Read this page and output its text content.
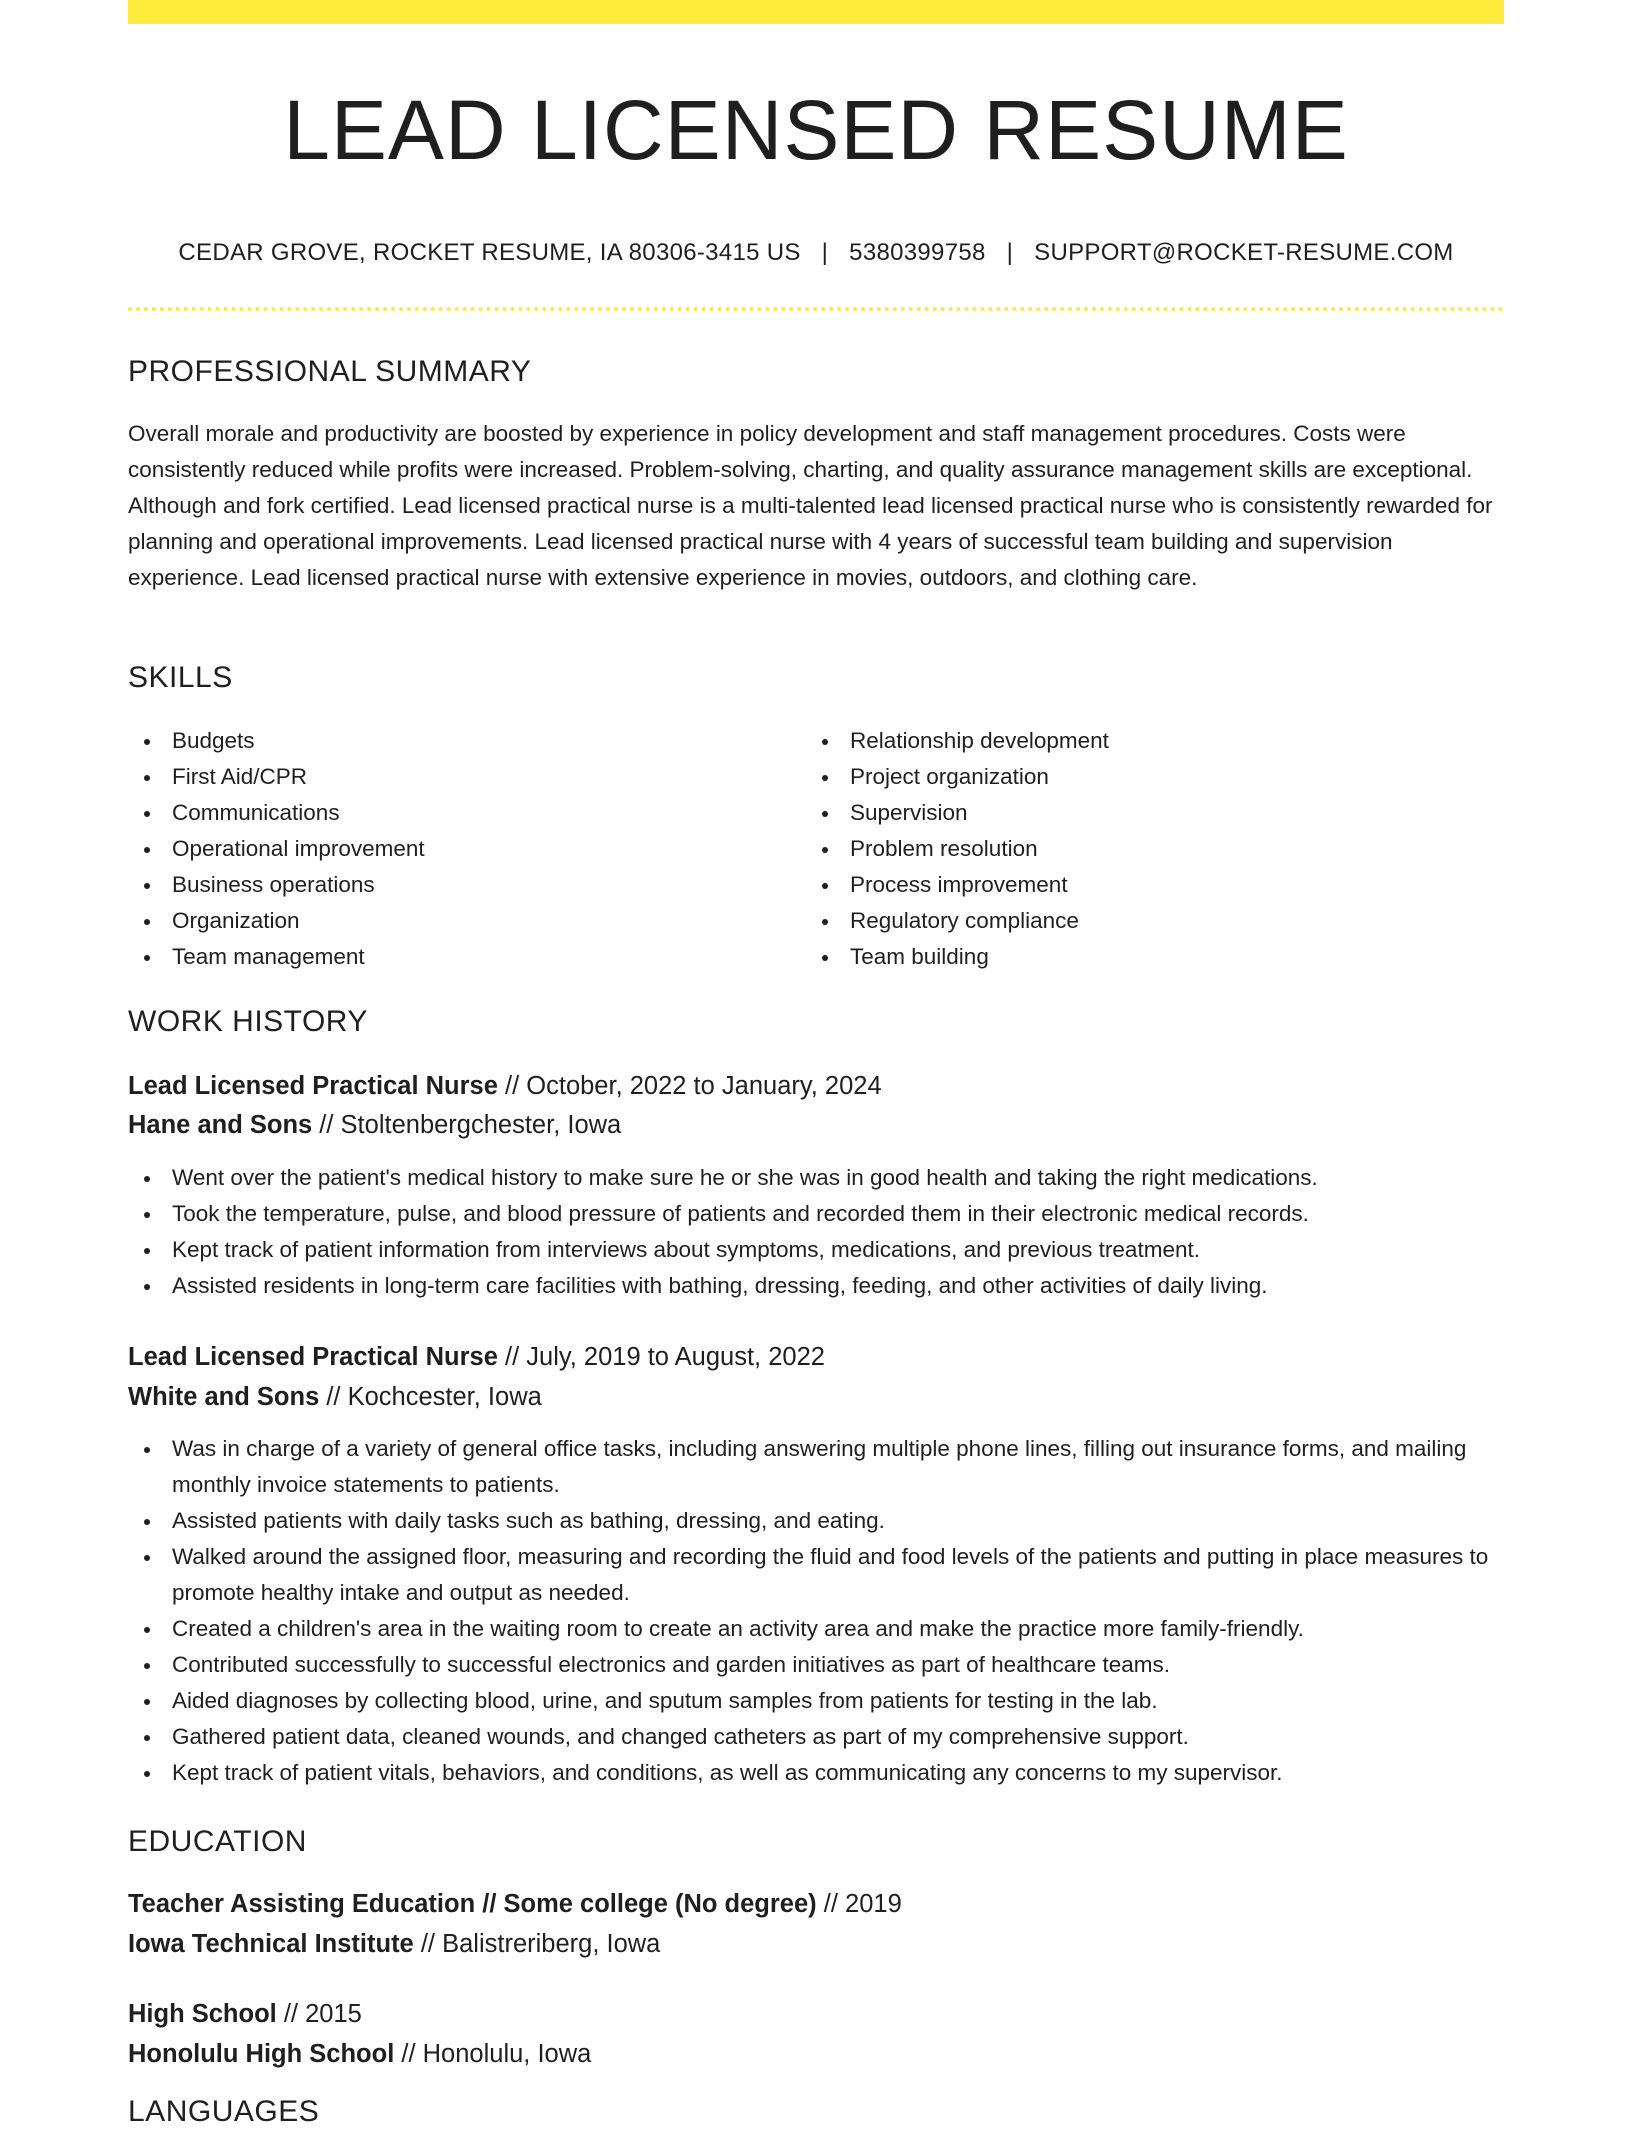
LEAD LICENSED RESUME
CEDAR GROVE, ROCKET RESUME, IA 80306-3415 US | 5380399758 | SUPPORT@ROCKET-RESUME.COM
PROFESSIONAL SUMMARY

Overall morale and productivity are boosted by experience in policy development and staff management procedures. Costs were consistently reduced while profits were increased. Problem-solving, charting, and quality assurance management skills are exceptional. Although and fork certified. Lead licensed practical nurse is a multi-talented lead licensed practical nurse who is consistently rewarded for planning and operational improvements. Lead licensed practical nurse with 4 years of successful team building and supervision experience. Lead licensed practical nurse with extensive experience in movies, outdoors, and clothing care.

SKILLS
Budgets
First Aid/CPR
Communications
Operational improvement
Business operations
Organization
Team management
Relationship development
Project organization
Supervision
Problem resolution
Process improvement
Regulatory compliance
Team building
WORK HISTORY
Lead Licensed Practical Nurse // October, 2022 to January, 2024
Hane and Sons // Stoltenbergchester, Iowa
Went over the patient's medical history to make sure he or she was in good health and taking the right medications.
Took the temperature, pulse, and blood pressure of patients and recorded them in their electronic medical records.
Kept track of patient information from interviews about symptoms, medications, and previous treatment.
Assisted residents in long-term care facilities with bathing, dressing, feeding, and other activities of daily living.
Lead Licensed Practical Nurse // July, 2019 to August, 2022
White and Sons // Kochcester, Iowa
Was in charge of a variety of general office tasks, including answering multiple phone lines, filling out insurance forms, and mailing monthly invoice statements to patients.
Assisted patients with daily tasks such as bathing, dressing, and eating.
Walked around the assigned floor, measuring and recording the fluid and food levels of the patients and putting in place measures to promote healthy intake and output as needed.
Created a children's area in the waiting room to create an activity area and make the practice more family-friendly.
Contributed successfully to successful electronics and garden initiatives as part of healthcare teams.
Aided diagnoses by collecting blood, urine, and sputum samples from patients for testing in the lab.
Gathered patient data, cleaned wounds, and changed catheters as part of my comprehensive support.
Kept track of patient vitals, behaviors, and conditions, as well as communicating any concerns to my supervisor.
EDUCATION
Teacher Assisting Education // Some college (No degree) // 2019
Iowa Technical Institute // Balistreriberg, Iowa
High School // 2015
Honolulu High School // Honolulu, Iowa
LANGUAGES
